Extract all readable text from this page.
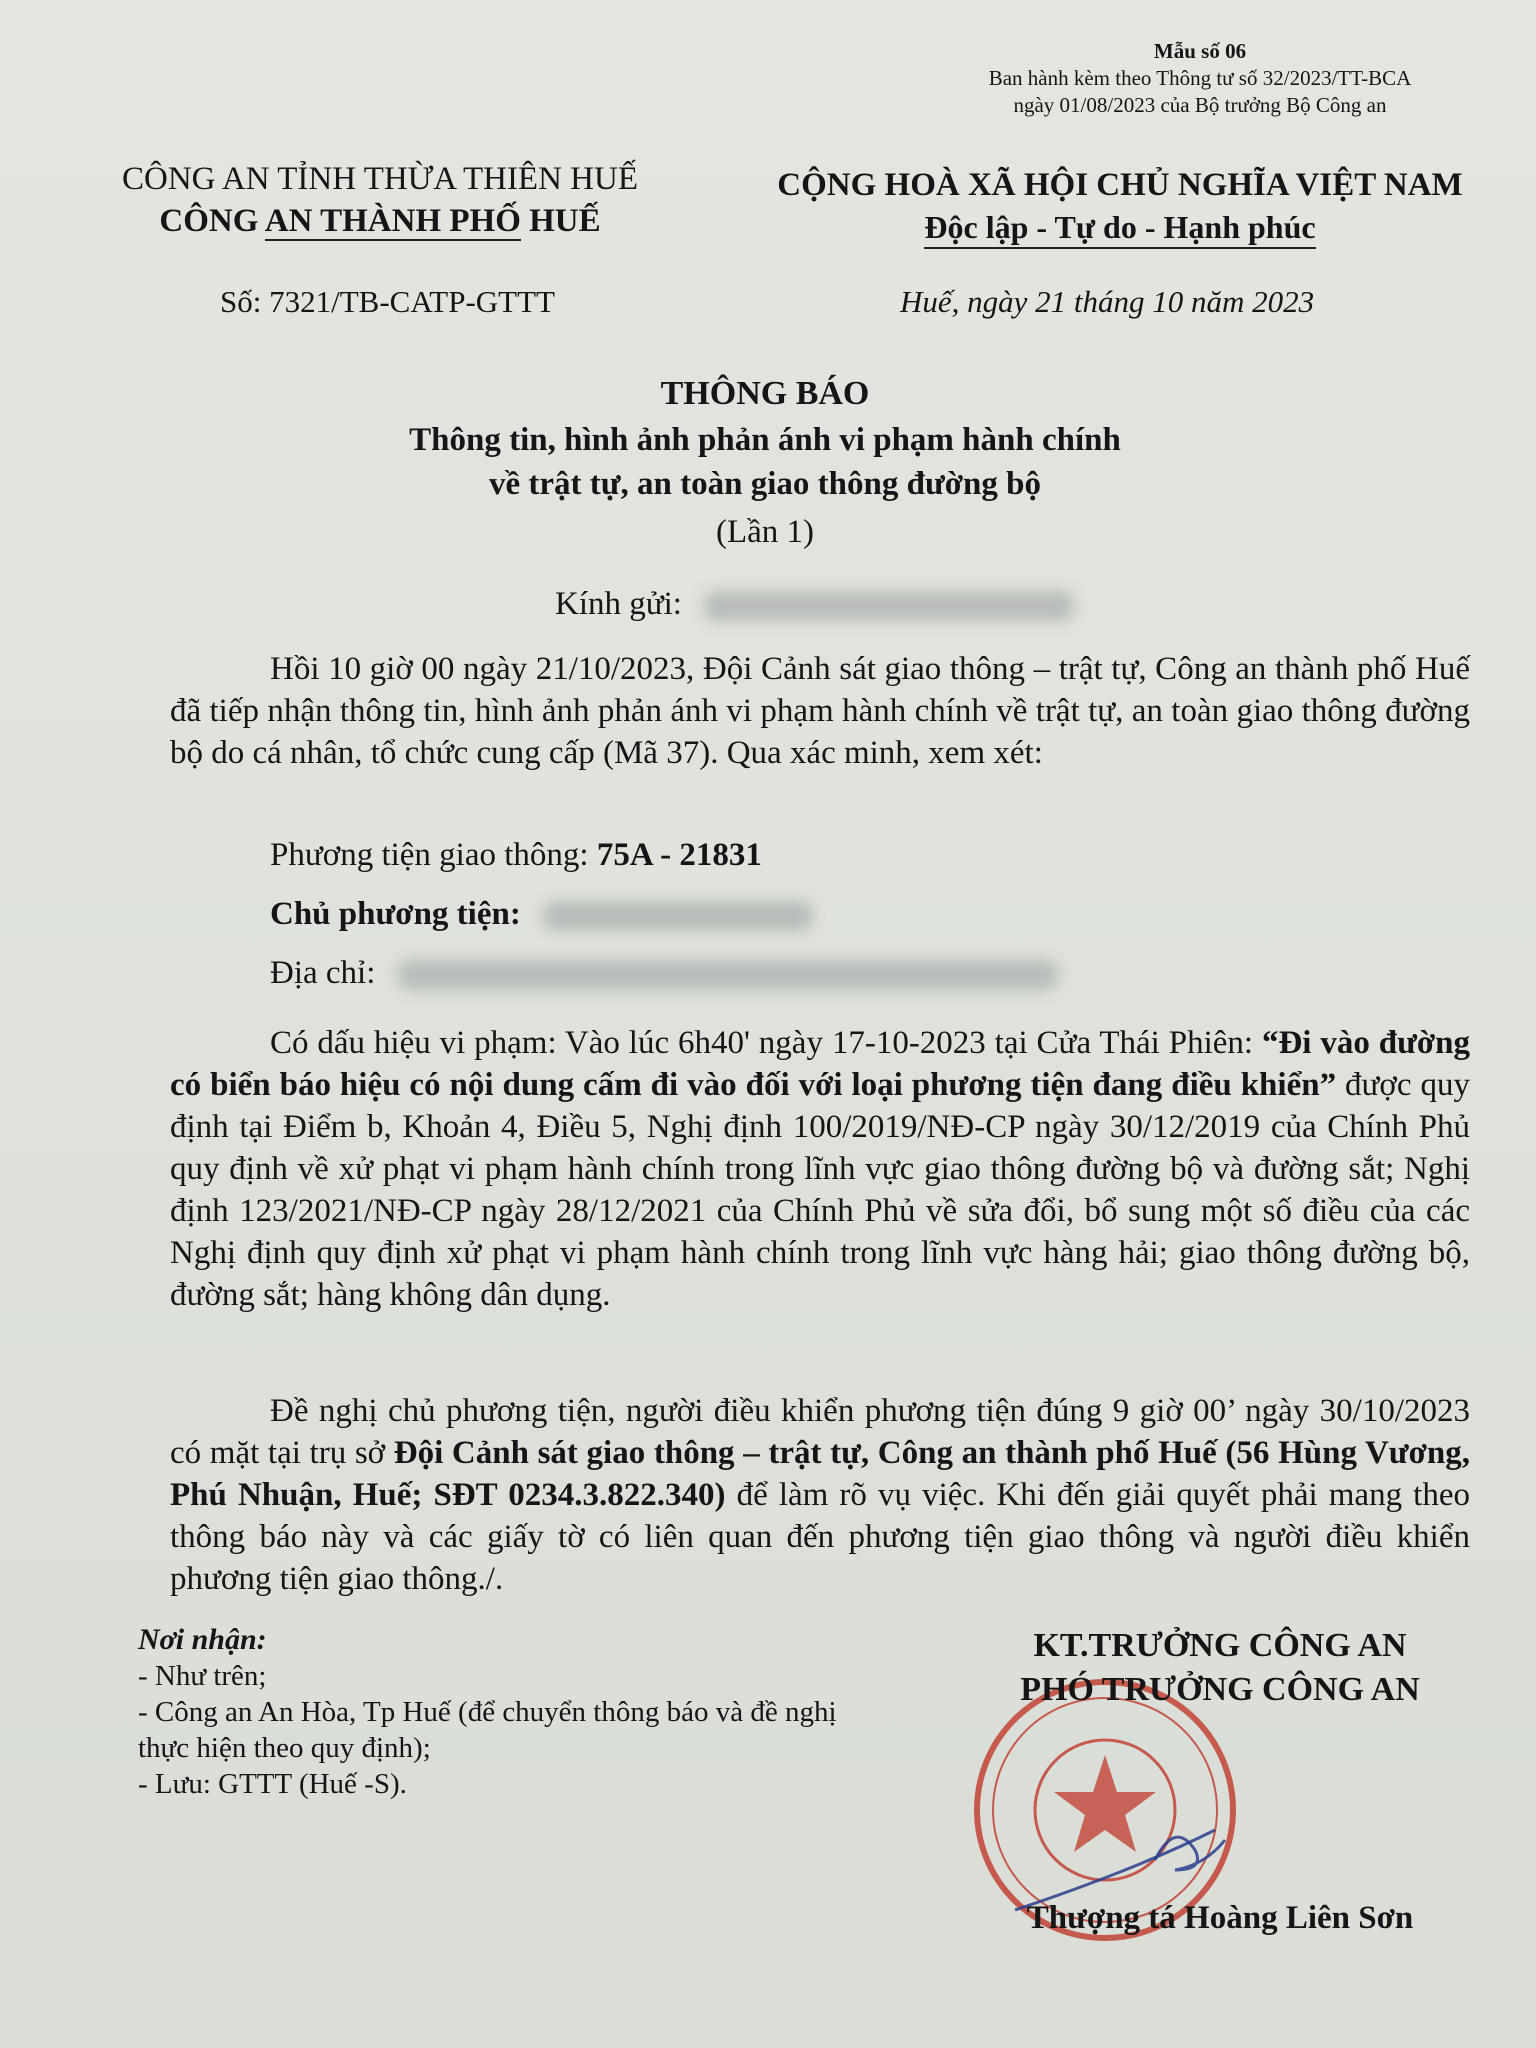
Mẫu số 06
Ban hành kèm theo Thông tư số 32/2023/TT-BCA
ngày 01/08/2023 của Bộ trưởng Bộ Công an
CÔNG AN TỈNH THỪA THIÊN HUẾ
CÔNG AN THÀNH PHỐ HUẾ
CỘNG HOÀ XÃ HỘI CHỦ NGHĨA VIỆT NAM
Độc lập - Tự do - Hạnh phúc
Số: 7321/TB-CATP-GTTT	Huế, ngày 21 tháng 10 năm 2023
THÔNG BÁO
Thông tin, hình ảnh phản ánh vi phạm hành chính
về trật tự, an toàn giao thông đường bộ
(Lần 1)
Kính gửi:
Hồi 10 giờ 00 ngày 21/10/2023, Đội Cảnh sát giao thông – trật tự, Công an thành phố Huế đã tiếp nhận thông tin, hình ảnh phản ánh vi phạm hành chính về trật tự, an toàn giao thông đường bộ do cá nhân, tổ chức cung cấp (Mã 37). Qua xác minh, xem xét:
Phương tiện giao thông: 75A - 21831
Chủ phương tiện:
Địa chỉ:
Có dấu hiệu vi phạm: Vào lúc 6h40' ngày 17-10-2023 tại Cửa Thái Phiên: “Đi vào đường có biển báo hiệu có nội dung cấm đi vào đối với loại phương tiện đang điều khiển” được quy định tại Điểm b, Khoản 4, Điều 5, Nghị định 100/2019/NĐ-CP ngày 30/12/2019 của Chính Phủ quy định về xử phạt vi phạm hành chính trong lĩnh vực giao thông đường bộ và đường sắt; Nghị định 123/2021/NĐ-CP ngày 28/12/2021 của Chính Phủ về sửa đổi, bổ sung một số điều của các Nghị định quy định xử phạt vi phạm hành chính trong lĩnh vực hàng hải; giao thông đường bộ, đường sắt; hàng không dân dụng.
Đề nghị chủ phương tiện, người điều khiển phương tiện đúng 9 giờ 00’ ngày 30/10/2023 có mặt tại trụ sở Đội Cảnh sát giao thông – trật tự, Công an thành phố Huế (56 Hùng Vương, Phú Nhuận, Huế; SĐT 0234.3.822.340) để làm rõ vụ việc. Khi đến giải quyết phải mang theo thông báo này và các giấy tờ có liên quan đến phương tiện giao thông và người điều khiển phương tiện giao thông./.
Nơi nhận:
- Như trên;
- Công an An Hòa, Tp Huế (để chuyển thông báo và đề nghị thực hiện theo quy định);
- Lưu: GTTT (Huế -S).
KT.TRƯỞNG CÔNG AN
PHÓ TRƯỞNG CÔNG AN
Thượng tá Hoàng Liên Sơn
